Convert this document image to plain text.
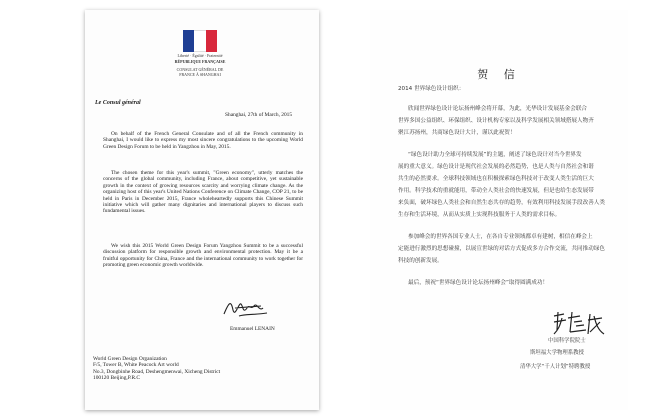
Liberté · Égalité · Fraternité
RÉPUBLIQUE FRANÇAISE
CONSULAT GÉNÉRAL DE FRANCE À SHANGHAI
Le Consul général
Shanghai, 27th of March, 2015
On behalf of the French General Consulate and of all the French community in Shanghai, I would like to express my most sincere congratulations to the upcoming World Green Design Forum to be held in Yangzhou in May, 2015.
The chosen theme for this year's summit, "Green economy", utterly matches the concerns of the global community, including France, about competitive, yet sustainable growth in the context of growing resources scarcity and worrying climate change. As the organizing host of this year's United Nations Conference on Climate Change, COP 21, to be held in Paris in December 2015, France wholeheartedly supports this Chinese Summit initiative which will gather many dignitaries and international players to discuss such fundamental issues.
We wish this 2015 World Green Design Forum Yangzhou Summit to be a successful discussion platform for responsible growth and environmental protection. May it be a fruitful opportunity for China, France and the international community to work together for promoting green economic growth worldwide.
Emmanuel LENAIN
World Green Design Organization
F/5, Tower B, White Peacock Art world
No.3, Dongbinhe Road, Deshengmenwai, Xicheng District
100120 Beijing,P.R.C
贺 信
2014 世界绿色设计组织：
欣闻世界绿色设计论坛扬州峰会将开幕，为此，光华设计发展基金会联合
世界多国公益组织、环保组织、设计机构专家以及科学发展相关领域搭展人物齐
聚江苏扬州，共商绿色设计大计，谨以此祝贺！
“绿色设计助力全球可持续发展”的主题，阐述了绿色设计对当今世界发
展的重大意义。绿色设计是现代社会发展的必然趋势，也是人类与自然社会和谐
共生的必然要求。全球科技领域也在积极探索绿色科技对于改变人类生活的巨大
作用。科学技术的重就能用，带动全人类社会的快速发展，但是也给生态发展带
来负面，破坏绿色人类社会和自然生态共存的趋势，有效利用科技发展手段改善人类
生存和生活环境，从而从实质上实现科技服务于人类的需求目标。
参加峰会的世界各国专业人士，在各自专业领域都卓有建树，相信在峰会上
定能进行激烈的思想碰撞，以展宣世绿的对话方式促成多方合作交流，共同推动绿色
科技的创新发展。
最后，预祝“世界绿色设计论坛扬州峰会”取得圆满成功！
中国科学院院士
斯坦福大学物理系教授
清华大学“千人计划”特聘教授
